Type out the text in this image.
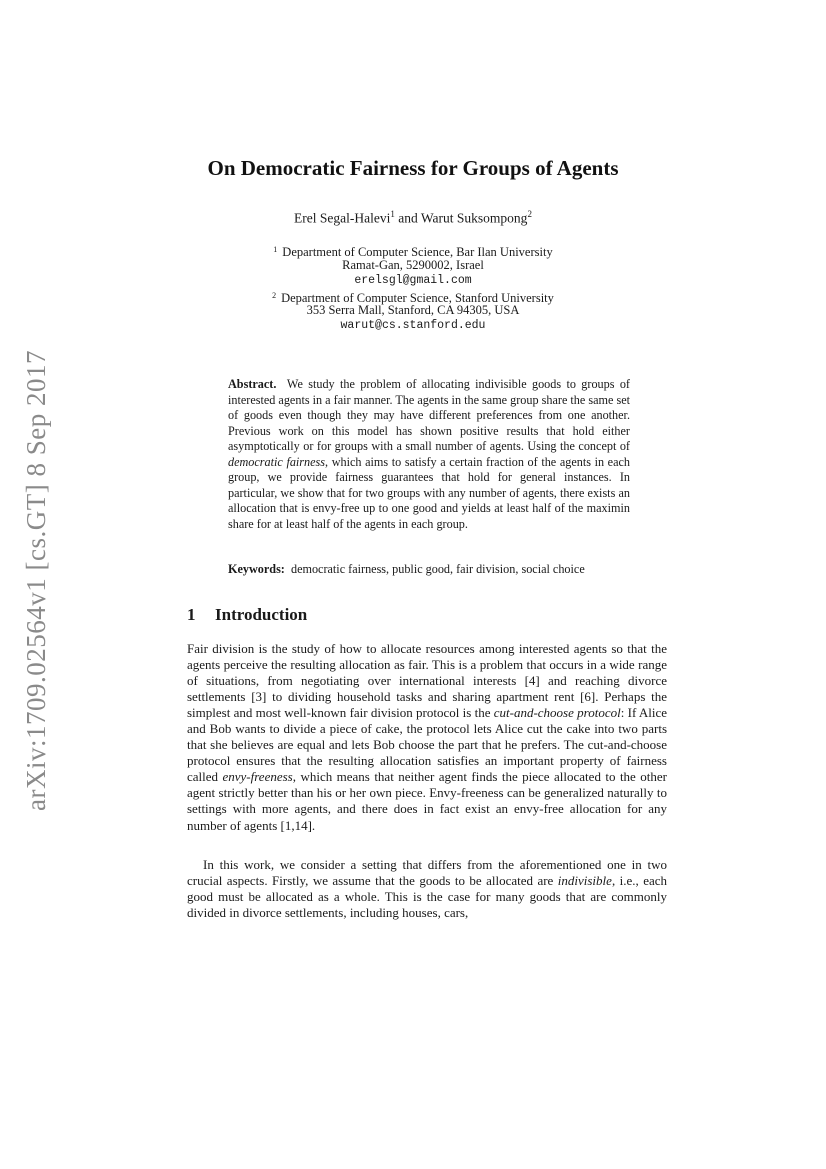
arXiv:1709.02564v1 [cs.GT] 8 Sep 2017
On Democratic Fairness for Groups of Agents
Erel Segal-Halevi$^1$ and Warut Suksompong$^2$
$^1$ Department of Computer Science, Bar Ilan University
Ramat-Gan, 5290002, Israel
erelsgl@gmail.com
$^2$ Department of Computer Science, Stanford University
353 Serra Mall, Stanford, CA 94305, USA
warut@cs.stanford.edu
Abstract. We study the problem of allocating indivisible goods to groups of interested agents in a fair manner. The agents in the same group share the same set of goods even though they may have different preferences from one another. Previous work on this model has shown positive results that hold either asymptotically or for groups with a small number of agents. Using the concept of democratic fairness, which aims to satisfy a certain fraction of the agents in each group, we provide fairness guarantees that hold for general instances. In particular, we show that for two groups with any number of agents, there exists an allocation that is envy-free up to one good and yields at least half of the maximin share for at least half of the agents in each group.
Keywords: democratic fairness, public good, fair division, social choice
1 Introduction

Fair division is the study of how to allocate resources among interested agents so that the agents perceive the resulting allocation as fair. This is a problem that occurs in a wide range of situations, from negotiating over international interests [4] and reaching divorce settlements [3] to dividing household tasks and sharing apartment rent [6]. Perhaps the simplest and most well-known fair division protocol is the cut-and-choose protocol: If Alice and Bob wants to divide a piece of cake, the protocol lets Alice cut the cake into two parts that she believes are equal and lets Bob choose the part that he prefers. The cut-and-choose protocol ensures that the resulting allocation satisfies an important property of fairness called envy-freeness, which means that neither agent finds the piece allocated to the other agent strictly better than his or her own piece. Envy-freeness can be generalized naturally to settings with more agents, and there does in fact exist an envy-free allocation for any number of agents [1,14].

In this work, we consider a setting that differs from the aforementioned one in two crucial aspects. Firstly, we assume that the goods to be allocated are indivisible, i.e., each good must be allocated as a whole. This is the case for many goods that are commonly divided in divorce settlements, including houses, cars,
